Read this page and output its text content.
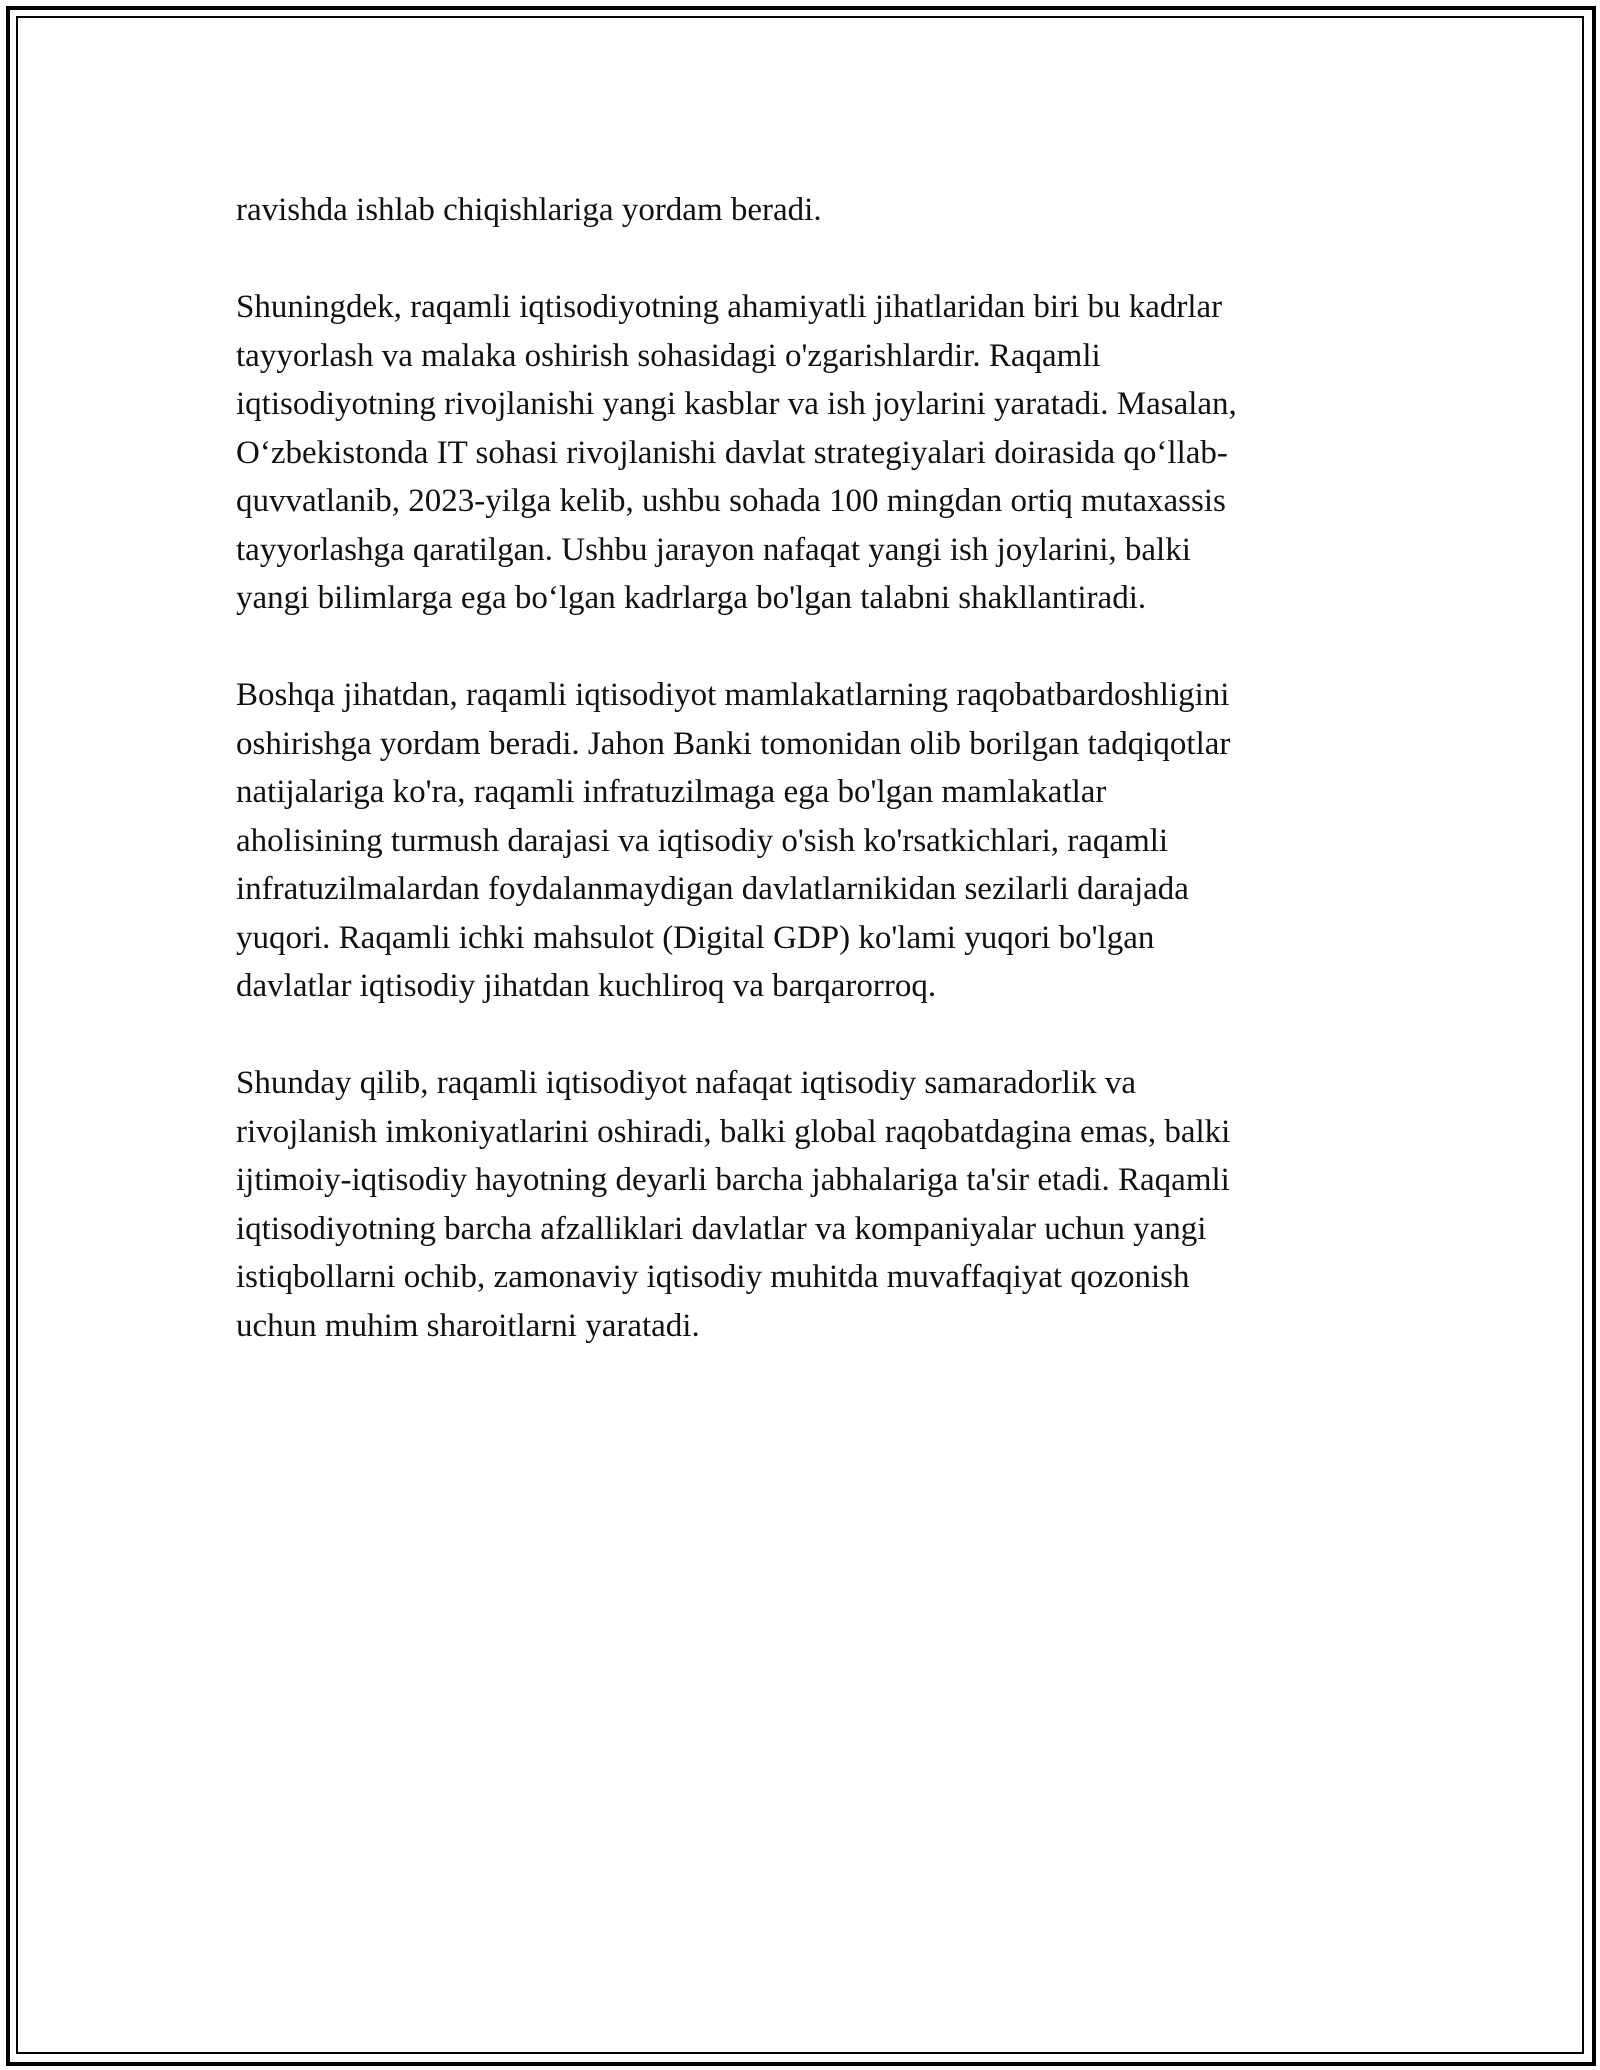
ravishda ishlab chiqishlariga yordam beradi.

Shuningdek, raqamli iqtisodiyotning ahamiyatli jihatlaridan biri bu kadrlar
tayyorlash va malaka oshirish sohasidagi o'zgarishlardir. Raqamli
iqtisodiyotning rivojlanishi yangi kasblar va ish joylarini yaratadi. Masalan,
O‘zbekistonda IT sohasi rivojlanishi davlat strategiyalari doirasida qo‘llab-
quvvatlanib, 2023-yilga kelib, ushbu sohada 100 mingdan ortiq mutaxassis
tayyorlashga qaratilgan. Ushbu jarayon nafaqat yangi ish joylarini, balki
yangi bilimlarga ega bo‘lgan kadrlarga bo'lgan talabni shakllantiradi.

Boshqa jihatdan, raqamli iqtisodiyot mamlakatlarning raqobatbardoshligini
oshirishga yordam beradi. Jahon Banki tomonidan olib borilgan tadqiqotlar
natijalariga ko'ra, raqamli infratuzilmaga ega bo'lgan mamlakatlar
aholisining turmush darajasi va iqtisodiy o'sish ko'rsatkichlari, raqamli
infratuzilmalardan foydalanmaydigan davlatlarnikidan sezilarli darajada
yuqori. Raqamli ichki mahsulot (Digital GDP) ko'lami yuqori bo'lgan
davlatlar iqtisodiy jihatdan kuchliroq va barqarorroq.

Shunday qilib, raqamli iqtisodiyot nafaqat iqtisodiy samaradorlik va
rivojlanish imkoniyatlarini oshiradi, balki global raqobatdagina emas, balki
ijtimoiy-iqtisodiy hayotning deyarli barcha jabhalariga ta'sir etadi. Raqamli
iqtisodiyotning barcha afzalliklari davlatlar va kompaniyalar uchun yangi
istiqbollarni ochib, zamonaviy iqtisodiy muhitda muvaffaqiyat qozonish
uchun muhim sharoitlarni yaratadi.
